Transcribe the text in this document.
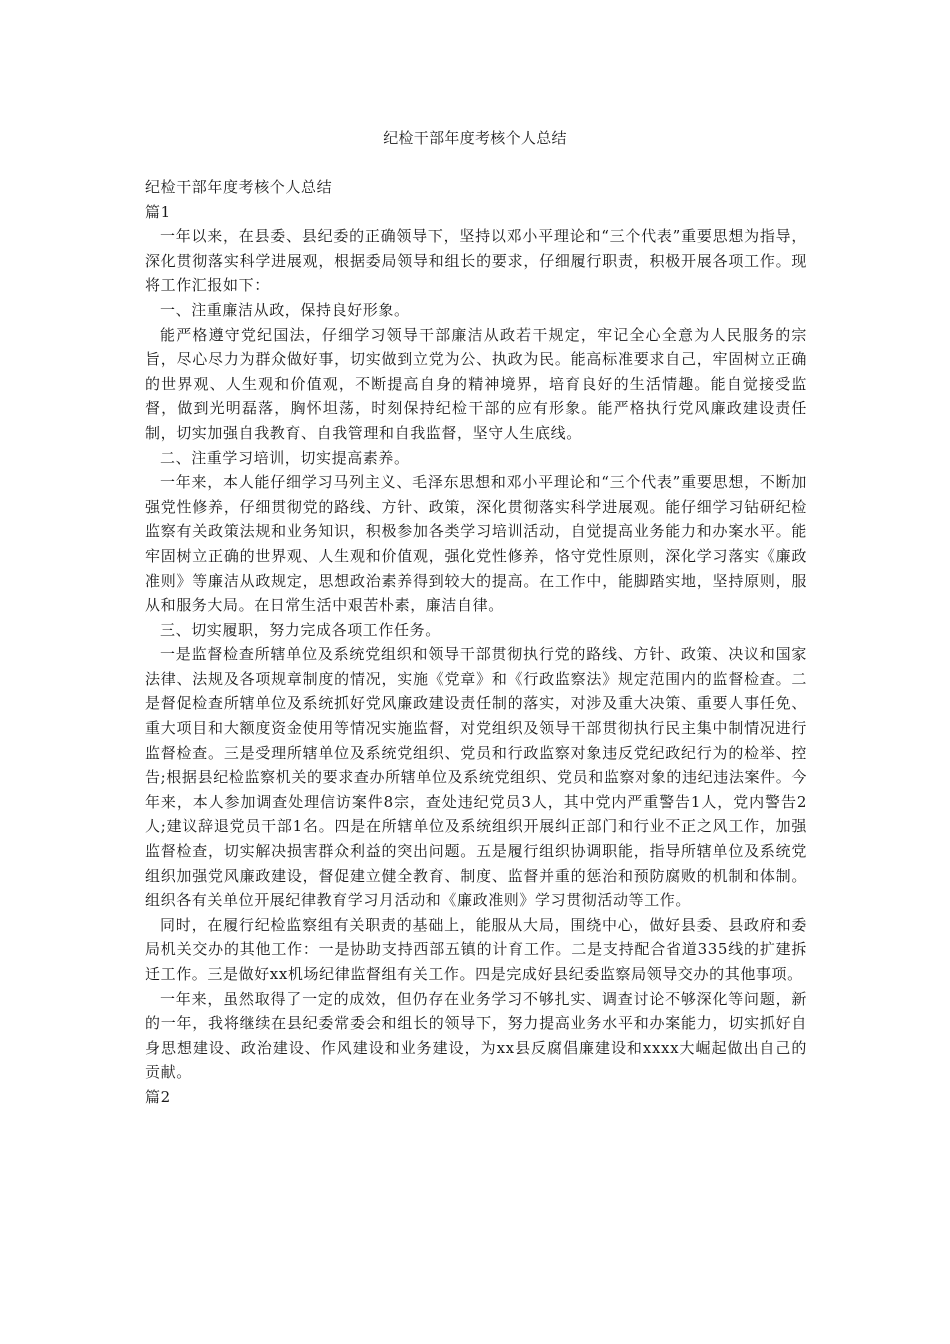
纪检干部年度考核个人总结

纪检干部年度考核个人总结

篇1

一年以来，在县委、县纪委的正确领导下，坚持以邓小平理论和“三个代表”重要思想为指导，深化贯彻落实科学进展观，根据委局领导和组长的要求，仔细履行职责，积极开展各项工作。现将工作汇报如下：

一、注重廉洁从政，保持良好形象。

能严格遵守党纪国法，仔细学习领导干部廉洁从政若干规定，牢记全心全意为人民服务的宗旨，尽心尽力为群众做好事，切实做到立党为公、执政为民。能高标准要求自己，牢固树立正确的世界观、人生观和价值观，不断提高自身的精神境界，培育良好的生活情趣。能自觉接受监督，做到光明磊落，胸怀坦荡，时刻保持纪检干部的应有形象。能严格执行党风廉政建设责任制，切实加强自我教育、自我管理和自我监督，坚守人生底线。

二、注重学习培训，切实提高素养。

一年来，本人能仔细学习马列主义、毛泽东思想和邓小平理论和“三个代表”重要思想，不断加强党性修养，仔细贯彻党的路线、方针、政策，深化贯彻落实科学进展观。能仔细学习钻研纪检监察有关政策法规和业务知识，积极参加各类学习培训活动，自觉提高业务能力和办案水平。能牢固树立正确的世界观、人生观和价值观，强化党性修养，恪守党性原则，深化学习落实《廉政准则》等廉洁从政规定，思想政治素养得到较大的提高。在工作中，能脚踏实地，坚持原则，服从和服务大局。在日常生活中艰苦朴素，廉洁自律。

三、切实履职，努力完成各项工作任务。

一是监督检查所辖单位及系统党组织和领导干部贯彻执行党的路线、方针、政策、决议和国家法律、法规及各项规章制度的情况，实施《党章》和《行政监察法》规定范围内的监督检查。二是督促检查所辖单位及系统抓好党风廉政建设责任制的落实，对涉及重大决策、重要人事任免、重大项目和大额度资金使用等情况实施监督，对党组织及领导干部贯彻执行民主集中制情况进行监督检查。三是受理所辖单位及系统党组织、党员和行政监察对象违反党纪政纪行为的检举、控告;根据县纪检监察机关的要求查办所辖单位及系统党组织、党员和监察对象的违纪违法案件。今年来，本人参加调查处理信访案件8宗，查处违纪党员3人，其中党内严重警告1人，党内警告2人;建议辞退党员干部1名。四是在所辖单位及系统组织开展纠正部门和行业不正之风工作，加强监督检查，切实解决损害群众利益的突出问题。五是履行组织协调职能，指导所辖单位及系统党组织加强党风廉政建设，督促建立健全教育、制度、监督并重的惩治和预防腐败的机制和体制。组织各有关单位开展纪律教育学习月活动和《廉政准则》学习贯彻活动等工作。

同时，在履行纪检监察组有关职责的基础上，能服从大局，围绕中心，做好县委、县政府和委局机关交办的其他工作：一是协助支持西部五镇的计育工作。二是支持配合省道335线的扩建拆迁工作。三是做好xx机场纪律监督组有关工作。四是完成好县纪委监察局领导交办的其他事项。

一年来，虽然取得了一定的成效，但仍存在业务学习不够扎实、调查讨论不够深化等问题，新的一年，我将继续在县纪委常委会和组长的领导下，努力提高业务水平和办案能力，切实抓好自身思想建设、政治建设、作风建设和业务建设，为xx县反腐倡廉建设和xxxx大崛起做出自己的贡献。

篇2
